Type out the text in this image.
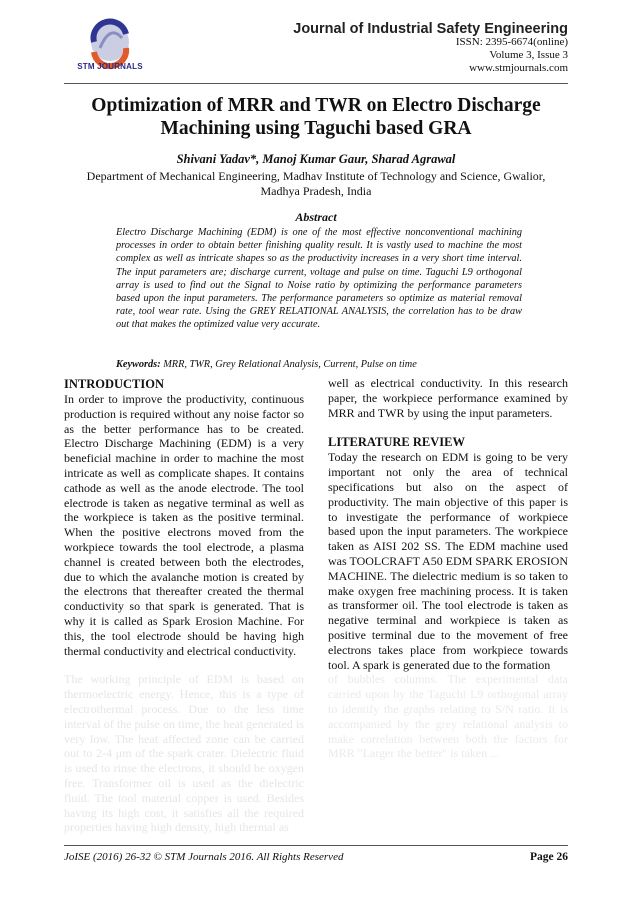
STM JOURNALS
Journal of Industrial Safety Engineering
ISSN: 2395-6674(online)
Volume 3, Issue 3
www.stmjournals.com
Optimization of MRR and TWR on Electro Discharge
Machining using Taguchi based GRA
Shivani Yadav*, Manoj Kumar Gaur, Sharad Agrawal
Department of Mechanical Engineering, Madhav Institute of Technology and Science, Gwalior,
Madhya Pradesh, India
Abstract
Electro Discharge Machining (EDM) is one of the most effective nonconventional machining processes in order to obtain better finishing quality result. It is vastly used to machine the most complex as well as intricate shapes so as the productivity increases in a very short time interval. The input parameters are; discharge current, voltage and pulse on time. Taguchi L9 orthogonal array is used to find out the Signal to Noise ratio by optimizing the performance parameters based upon the input parameters. The performance parameters so optimize as material removal rate, tool wear rate. Using the GREY RELATIONAL ANALYSIS, the correlation has to be draw out that makes the optimized value very accurate.
Keywords: MRR, TWR, Grey Relational Analysis, Current, Pulse on time

INTRODUCTION

In order to improve the productivity, continuous production is required without any noise factor so as the better performance has to be created. Electro Discharge Machining (EDM) is a very beneficial machine in order to machine the most intricate as well as complicate shapes. It contains cathode as well as the anode electrode. The tool electrode is taken as negative terminal as well as the workpiece is taken as the positive terminal. When the positive electrons moved from the workpiece towards the tool electrode, a plasma channel is created between both the electrodes, due to which the avalanche motion is created by the electrons that thereafter created the thermal conductivity so that spark is generated. That is why it is called as Spark Erosion Machine. For this, the tool electrode should be having high thermal conductivity and electrical conductivity.

The working principle of EDM is based on thermoelectric energy. Hence, this is a type of electrothermal process. Due to the less time interval of the pulse on time, the heat generated is very low. The heat affected zone can be carried out to 2-4 μm of the spark crater. Dielectric fluid is used to rinse the electrons, it should be oxygen free. Transformer oil is used as the dielectric fluid. The tool material copper is used. Besides having its high cost, it satisfies all the required properties having high density, high thermal as

well as electrical conductivity. In this research paper, the workpiece performance examined by MRR and TWR by using the input parameters.

LITERATURE REVIEW

Today the research on EDM is going to be very important not only the area of technical specifications but also on the aspect of productivity. The main objective of this paper is to investigate the performance of workpiece based upon the input parameters. The workpiece taken as AISI 202 SS. The EDM machine used was TOOLCRAFT A50 EDM SPARK EROSION MACHINE. The dielectric medium is so taken to make oxygen free machining process. It is taken as transformer oil. The tool electrode is taken as negative terminal and workpiece is taken as positive terminal due to the movement of free electrons takes place from workpiece towards tool. A spark is generated due to the formation

of bubbles columns. The experimental data carried upon by the Taguchi L9 orthogonal array to identify the graphs relating to S/N ratio. It is accompanied by the grey relational analysis to make correlation between both the factors for MRR "Larger the better" is taken ...

JoISE (2016) 26-32 © STM Journals 2016. All Rights Reserved	Page 26
